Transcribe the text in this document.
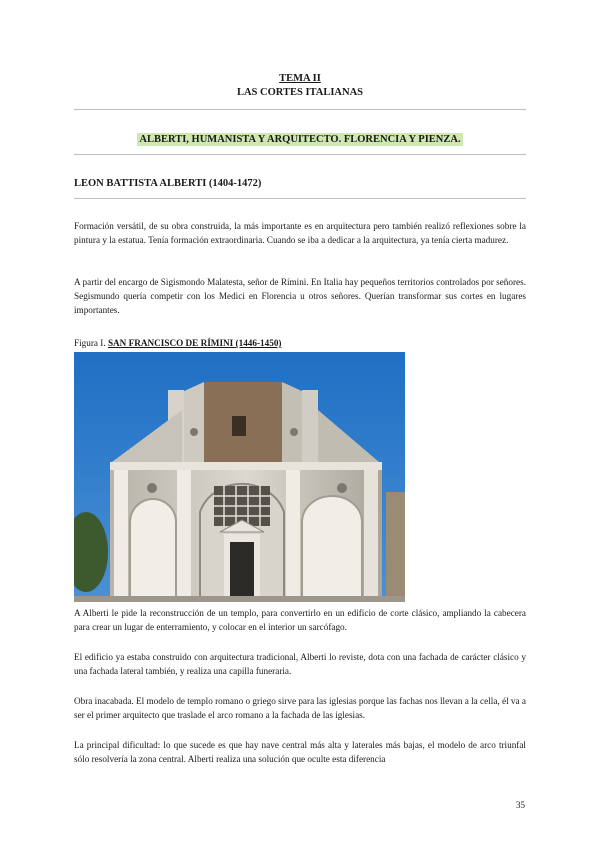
TEMA II
LAS CORTES ITALIANAS
ALBERTI, HUMANISTA Y ARQUITECTO. FLORENCIA Y PIENZA.
LEON BATTISTA ALBERTI (1404-1472)

Formación versátil, de su obra construida, la más importante es en arquitectura pero también realizó reflexiones sobre la pintura y la estatua. Tenía formación extraordinaria. Cuando se iba a dedicar a la arquitectura, ya tenía cierta madurez.

A partir del encargo de Sigismondo Malatesta, señor de Rímini. En Italia hay pequeños territorios controlados por señores. Segismundo quería competir con los Medici en Florencia u otros señores. Querían transformar sus cortes en lugares importantes.

Figura I. SAN FRANCISCO DE RÍMINI (1446-1450)

A Alberti le pide la reconstrucción de un templo, para convertirlo en un edificio de corte clásico, ampliando la cabecera para crear un lugar de enterramiento, y colocar en el interior un sarcófago.

El edificio ya estaba construido con arquitectura tradicional, Alberti lo reviste, dota con una fachada de carácter clásico y una fachada lateral también, y realiza una capilla funeraria.

Obra inacabada. El modelo de templo romano o griego sirve para las iglesias porque las fachas nos llevan a la cella, él va a ser el primer arquitecto que traslade el arco romano a la fachada de las iglesias.

La principal dificultad: lo que sucede es que hay nave central más alta y laterales más bajas, el modelo de arco triunfal sólo resolvería la zona central. Alberti realiza una solución que oculte esta diferencia

35
